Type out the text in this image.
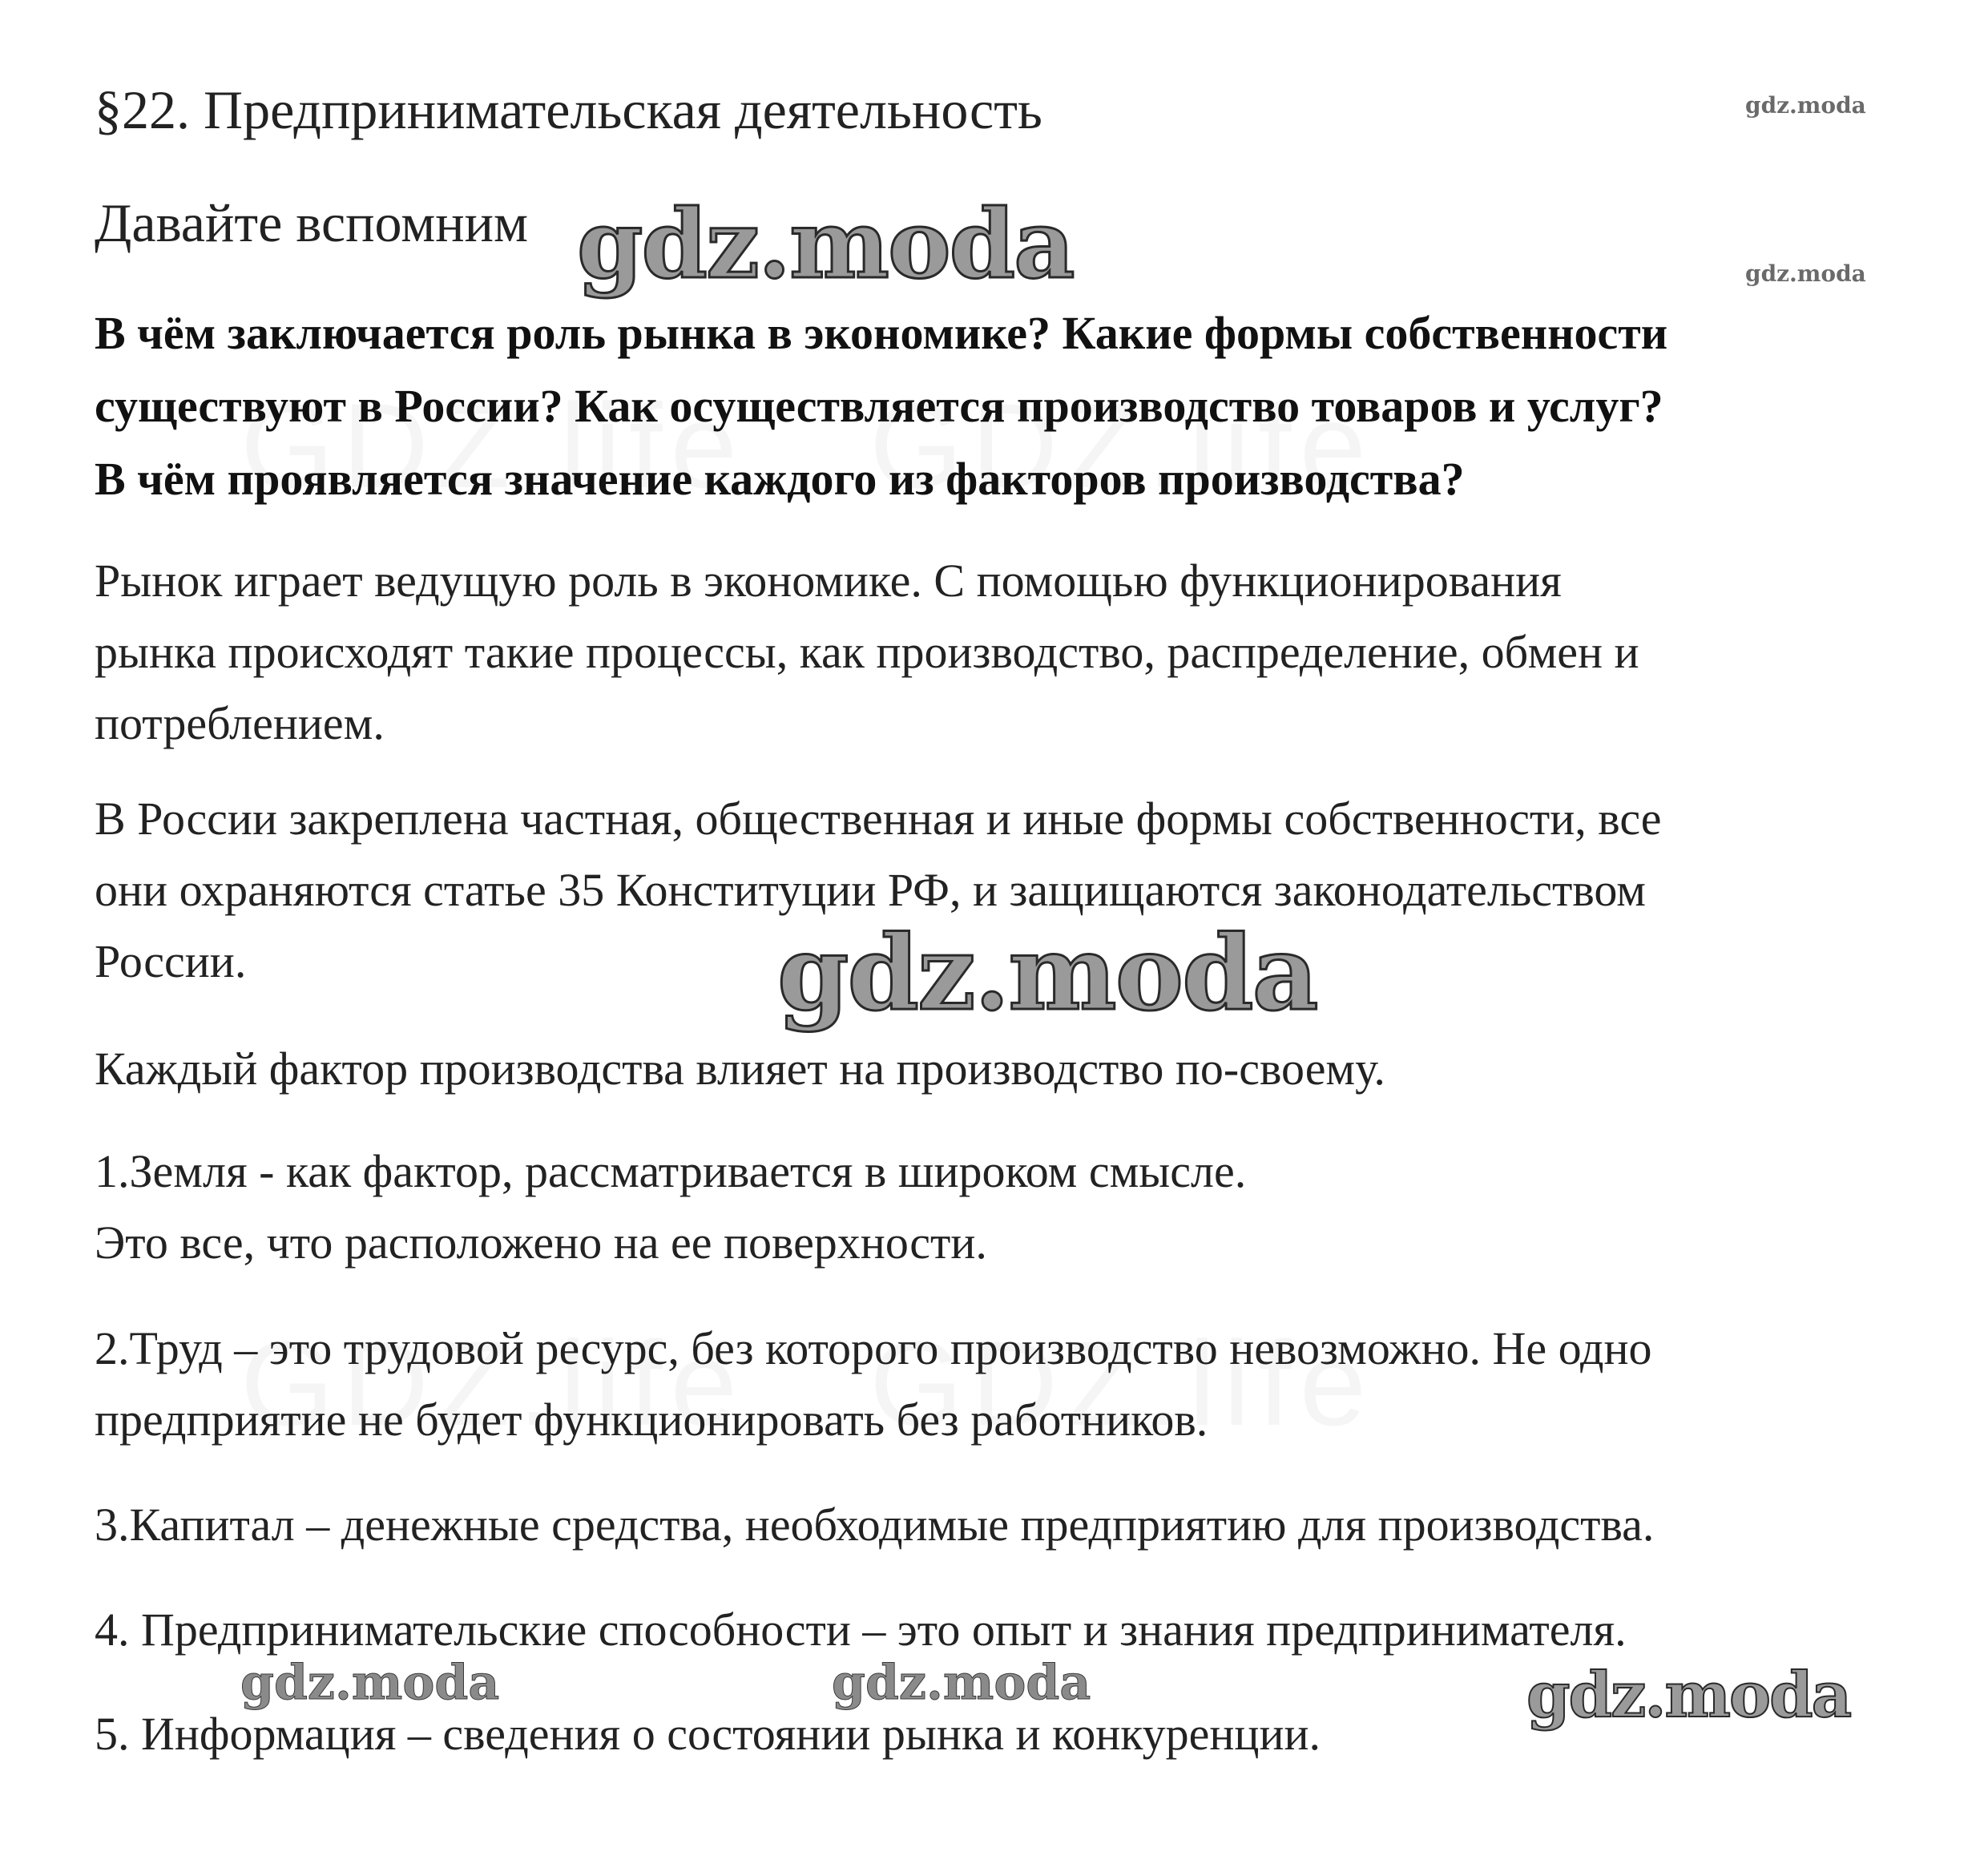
§22. Предпринимательская деятельность
Давайте вспомним
В чём заключается роль рынка в экономике? Какие формы собственности
существуют в России? Как осуществляется производство товаров и услуг?
В чём проявляется значение каждого из факторов производства?
Рынок играет ведущую роль в экономике. С помощью функционирования
рынка происходят такие процессы, как производство, распределение, обмен и
потреблением.
В России закреплена частная, общественная и иные формы собственности, все
они охраняются статье 35 Конституции РФ, и защищаются законодательством
России.
Каждый фактор производства влияет на производство по-своему.
1.Земля - как фактор, рассматривается в широком смысле.
Это все, что расположено на ее поверхности.
2.Труд – это трудовой ресурс, без которого производство невозможно. Не одно
предприятие не будет функционировать без работников.
3.Капитал – денежные средства, необходимые предприятию для производства.
4. Предпринимательские способности – это опыт и знания предпринимателя.
5. Информация – сведения о состоянии рынка и конкуренции.
gdz.moda
gdz.moda
gdz.moda
gdz.moda
gdz.moda	gdz.moda	gdz.moda
